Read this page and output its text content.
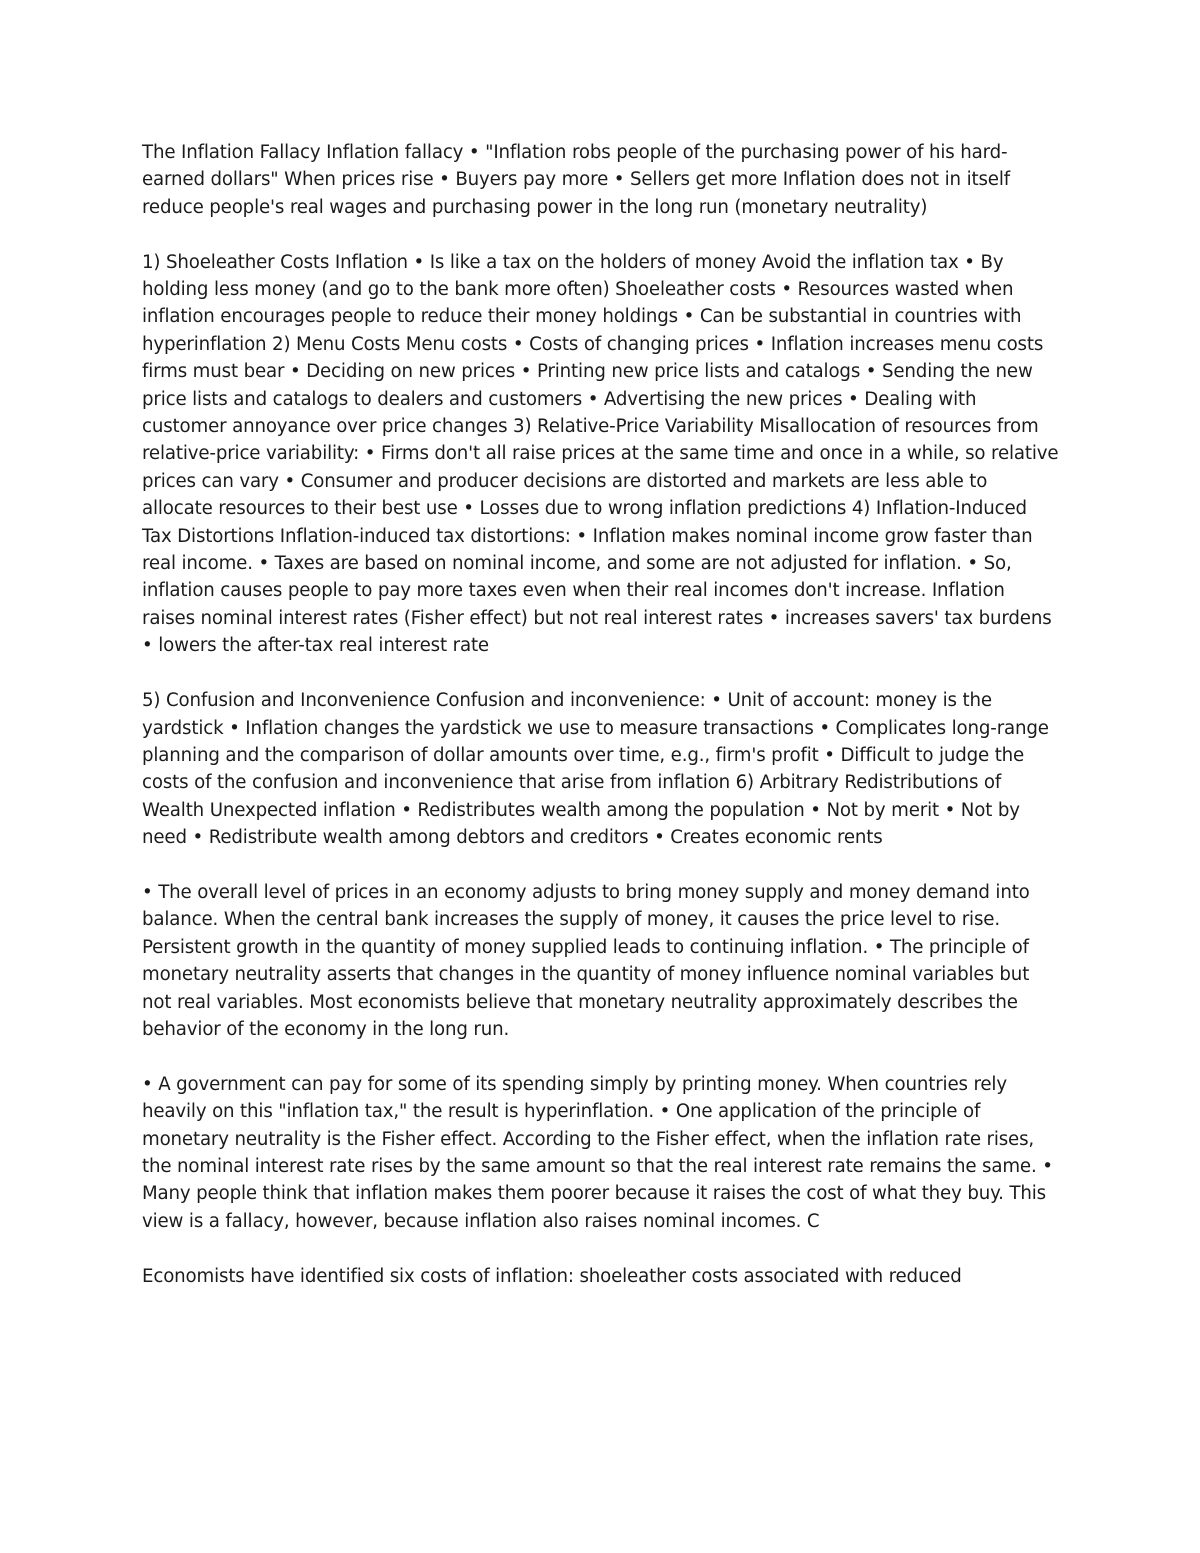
The Inflation Fallacy Inflation fallacy • "Inflation robs people of the purchasing power of his hard-earned dollars" When prices rise • Buyers pay more • Sellers get more Inflation does not in itself reduce people's real wages and purchasing power in the long run (monetary neutrality)

1) Shoeleather Costs Inflation • Is like a tax on the holders of money Avoid the inflation tax • By holding less money (and go to the bank more often) Shoeleather costs • Resources wasted when inflation encourages people to reduce their money holdings • Can be substantial in countries with hyperinflation 2) Menu Costs Menu costs • Costs of changing prices • Inflation increases menu costs firms must bear • Deciding on new prices • Printing new price lists and catalogs • Sending the new price lists and catalogs to dealers and customers • Advertising the new prices • Dealing with customer annoyance over price changes 3) Relative-Price Variability Misallocation of resources from relative-price variability: • Firms don't all raise prices at the same time and once in a while, so relative prices can vary • Consumer and producer decisions are distorted and markets are less able to allocate resources to their best use • Losses due to wrong inflation predictions 4) Inflation-Induced Tax Distortions Inflation-induced tax distortions: • Inflation makes nominal income grow faster than real income. • Taxes are based on nominal income, and some are not adjusted for inflation. • So, inflation causes people to pay more taxes even when their real incomes don't increase. Inflation raises nominal interest rates (Fisher effect) but not real interest rates • increases savers' tax burdens • lowers the after-tax real interest rate

5) Confusion and Inconvenience Confusion and inconvenience: • Unit of account: money is the yardstick • Inflation changes the yardstick we use to measure transactions • Complicates long-range planning and the comparison of dollar amounts over time, e.g., firm's profit • Difficult to judge the costs of the confusion and inconvenience that arise from inflation 6) Arbitrary Redistributions of Wealth Unexpected inflation • Redistributes wealth among the population • Not by merit • Not by need • Redistribute wealth among debtors and creditors • Creates economic rents

• The overall level of prices in an economy adjusts to bring money supply and money demand into balance. When the central bank increases the supply of money, it causes the price level to rise. Persistent growth in the quantity of money supplied leads to continuing inflation. • The principle of monetary neutrality asserts that changes in the quantity of money influence nominal variables but not real variables. Most economists believe that monetary neutrality approximately describes the behavior of the economy in the long run.

• A government can pay for some of its spending simply by printing money. When countries rely heavily on this "inflation tax," the result is hyperinflation. • One application of the principle of monetary neutrality is the Fisher effect. According to the Fisher effect, when the inflation rate rises, the nominal interest rate rises by the same amount so that the real interest rate remains the same. • Many people think that inflation makes them poorer because it raises the cost of what they buy. This view is a fallacy, however, because inflation also raises nominal incomes. C

Economists have identified six costs of inflation: shoeleather costs associated with reduced
